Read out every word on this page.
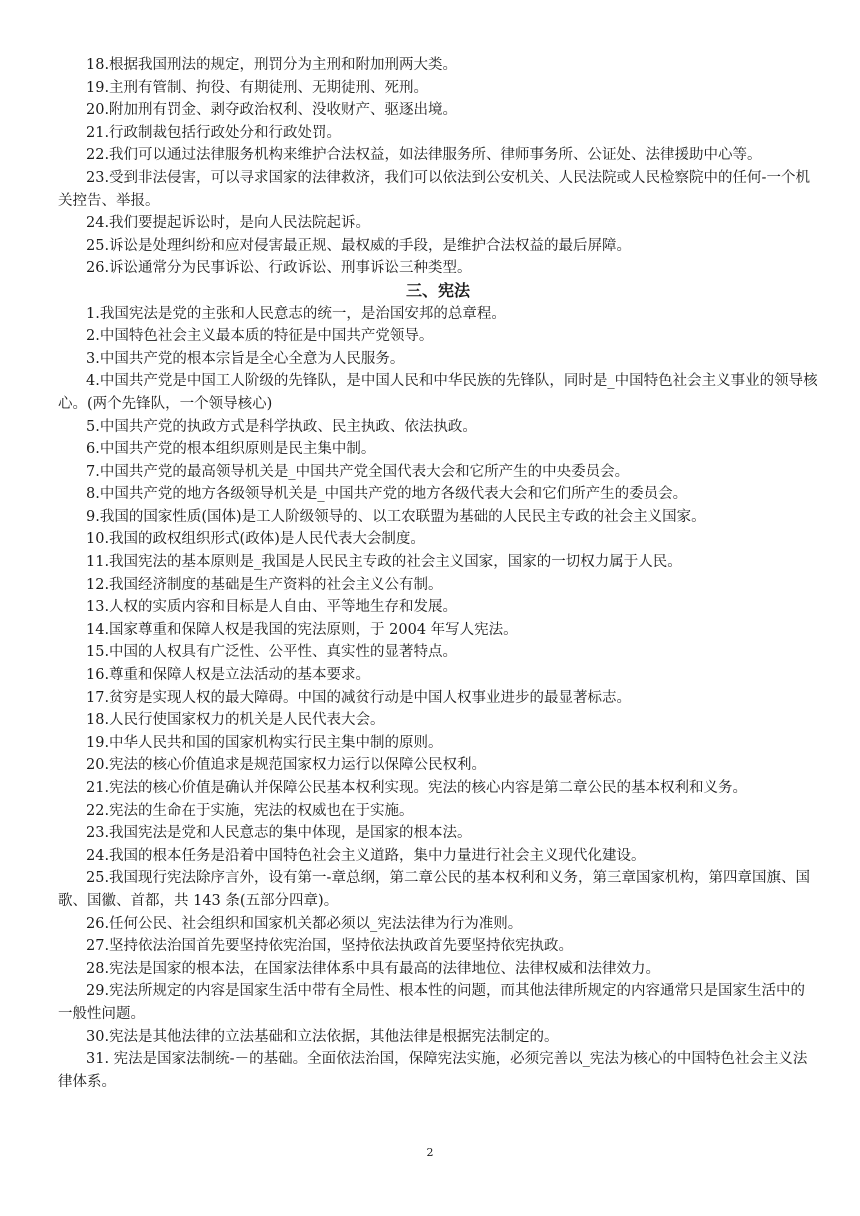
18.根据我国刑法的规定，刑罚分为主刑和附加刑两大类。

19.主刑有管制、拘役、有期徒刑、无期徒刑、死刑。

20.附加刑有罚金、剥夺政治权利、没收财产、驱逐出境。

21.行政制裁包括行政处分和行政处罚。

22.我们可以通过法律服务机构来维护合法权益，如法律服务所、律师事务所、公证处、法律援助中心等。

23.受到非法侵害，可以寻求国家的法律救济，我们可以依法到公安机关、人民法院或人民检察院中的任何-一个机关控告、举报。

24.我们要提起诉讼时，是向人民法院起诉。

25.诉讼是处理纠纷和应对侵害最正规、最权威的手段，是维护合法权益的最后屏障。

26.诉讼通常分为民事诉讼、行政诉讼、刑事诉讼三种类型。

三、宪法

1.我国宪法是党的主张和人民意志的统一，是治国安邦的总章程。

2.中国特色社会主义最本质的特征是中国共产党领导。

3.中国共产党的根本宗旨是全心全意为人民服务。

4.中国共产党是中国工人阶级的先锋队，是中国人民和中华民族的先锋队，同时是_中国特色社会主义事业的领导核心。(两个先锋队，一个领导核心)

5.中国共产党的执政方式是科学执政、民主执政、依法执政。

6.中国共产党的根本组织原则是民主集中制。

7.中国共产党的最高领导机关是_中国共产党全国代表大会和它所产生的中央委员会。

8.中国共产党的地方各级领导机关是_中国共产党的地方各级代表大会和它们所产生的委员会。

9.我国的国家性质(国体)是工人阶级领导的、以工农联盟为基础的人民民主专政的社会主义国家。

10.我国的政权组织形式(政体)是人民代表大会制度。

11.我国宪法的基本原则是_我国是人民民主专政的社会主义国家，国家的一切权力属于人民。

12.我国经济制度的基础是生产资料的社会主义公有制。

13.人权的实质内容和目标是人自由、平等地生存和发展。

14.国家尊重和保障人权是我国的宪法原则，于 2004 年写人宪法。

15.中国的人权具有广泛性、公平性、真实性的显著特点。

16.尊重和保障人权是立法活动的基本要求。

17.贫穷是实现人权的最大障碍。中国的减贫行动是中国人权事业进步的最显著标志。

18.人民行使国家权力的机关是人民代表大会。

19.中华人民共和国的国家机构实行民主集中制的原则。

20.宪法的核心价值追求是规范国家权力运行以保障公民权利。

21.宪法的核心价值是确认并保障公民基本权利实现。宪法的核心内容是第二章公民的基本权利和义务。

22.宪法的生命在于实施，宪法的权威也在于实施。

23.我国宪法是党和人民意志的集中体现，是国家的根本法。

24.我国的根本任务是沿着中国特色社会主义道路，集中力量进行社会主义现代化建设。

25.我国现行宪法除序言外，设有第一-章总纲，第二章公民的基本权利和义务，第三章国家机构，第四章国旗、国歌、国徽、首都，共 143 条(五部分四章)。

26.任何公民、社会组织和国家机关都必须以_宪法法律为行为准则。

27.坚持依法治国首先要坚持依宪治国，坚持依法执政首先要坚持依宪执政。

28.宪法是国家的根本法，在国家法律体系中具有最高的法律地位、法律权威和法律效力。

29.宪法所规定的内容是国家生活中带有全局性、根本性的问题，而其他法律所规定的内容通常只是国家生活中的一般性问题。

30.宪法是其他法律的立法基础和立法依据，其他法律是根据宪法制定的。

31. 宪法是国家法制统-－的基础。全面依法治国，保障宪法实施，必须完善以_宪法为核心的中国特色社会主义法律体系。

2
